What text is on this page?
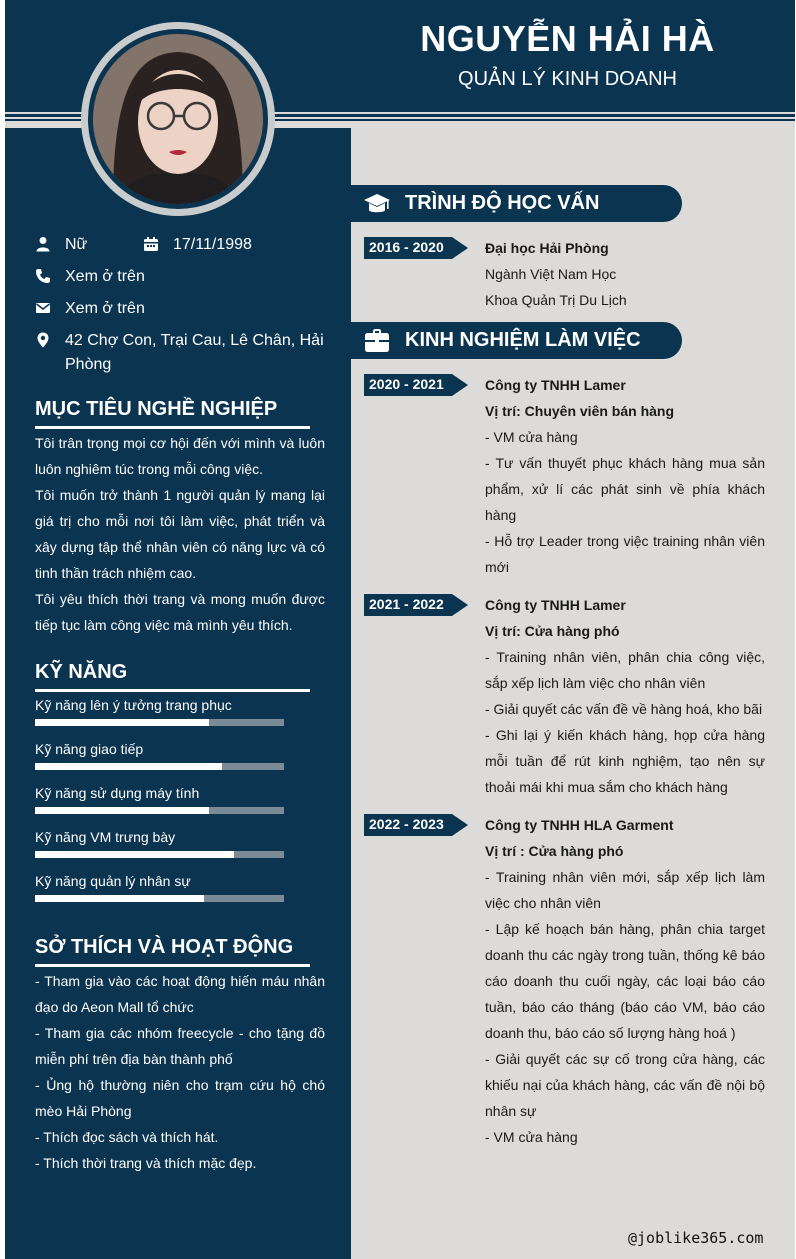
NGUYỄN HẢI HÀ
QUẢN LÝ KINH DOANH
Nữ	17/11/1998
Xem ở trên
Xem ở trên
42 Chợ Con, Trại Cau, Lê Chân, Hải Phòng
MỤC TIÊU NGHỀ NGHIỆP
Tôi trân trọng mọi cơ hội đến với mình và luôn luôn nghiêm túc trong mỗi công việc.
Tôi muốn trở thành 1 người quản lý mang lại giá trị cho mỗi nơi tôi làm việc, phát triển và xây dựng tập thể nhân viên có năng lực và có tinh thần trách nhiệm cao.
Tôi yêu thích thời trang và mong muốn được tiếp tục làm công việc mà mình yêu thích.
KỸ NĂNG
Kỹ năng lên ý tưởng trang phục
Kỹ năng giao tiếp
Kỹ năng sử dụng máy tính
Kỹ năng VM trưng bày
Kỹ năng quản lý nhân sự
SỞ THÍCH VÀ HOẠT ĐỘNG
- Tham gia vào các hoạt động hiến máu nhân đạo do Aeon Mall tổ chức
- Tham gia các nhóm freecycle - cho tặng đồ miễn phí trên địa bàn thành phố
- Ủng hộ thường niên cho trạm cứu hộ chó mèo Hải Phòng
- Thích đọc sách và thích hát.
- Thích thời trang và thích mặc đẹp.
TRÌNH ĐỘ HỌC VẤN
2016 - 2020	Đại học Hải Phòng
Ngành Việt Nam Học
Khoa Quản Trị Du Lịch
KINH NGHIỆM LÀM VIỆC
2020 - 2021	Công ty TNHH Lamer
Vị trí: Chuyên viên bán hàng
- VM cửa hàng
- Tư vấn thuyết phục khách hàng mua sản phẩm, xử lí các phát sinh về phía khách hàng
- Hỗ trợ Leader trong việc training nhân viên mới
2021 - 2022	Công ty TNHH Lamer
Vị trí: Cửa hàng phó
- Training nhân viên, phân chia công việc, sắp xếp lịch làm việc cho nhân viên
- Giải quyết các vấn đề về hàng hoá, kho bãi
- Ghi lại ý kiến khách hàng, họp cửa hàng mỗi tuần để rút kinh nghiệm, tạo nên sự thoải mái khi mua sắm cho khách hàng
2022 - 2023	Công ty TNHH HLA Garment
Vị trí : Cửa hàng phó
- Training nhân viên mới, sắp xếp lịch làm việc cho nhân viên
- Lập kế hoạch bán hàng, phân chia target doanh thu các ngày trong tuần, thống kê báo cáo doanh thu cuối ngày, các loại báo cáo tuần, báo cáo tháng (báo cáo VM, báo cáo doanh thu, báo cáo số lượng hàng hoá )
- Giải quyết các sự cố trong cửa hàng, các khiếu nại của khách hàng, các vấn đề nội bộ nhân sự
- VM cửa hàng
@joblike365.com
